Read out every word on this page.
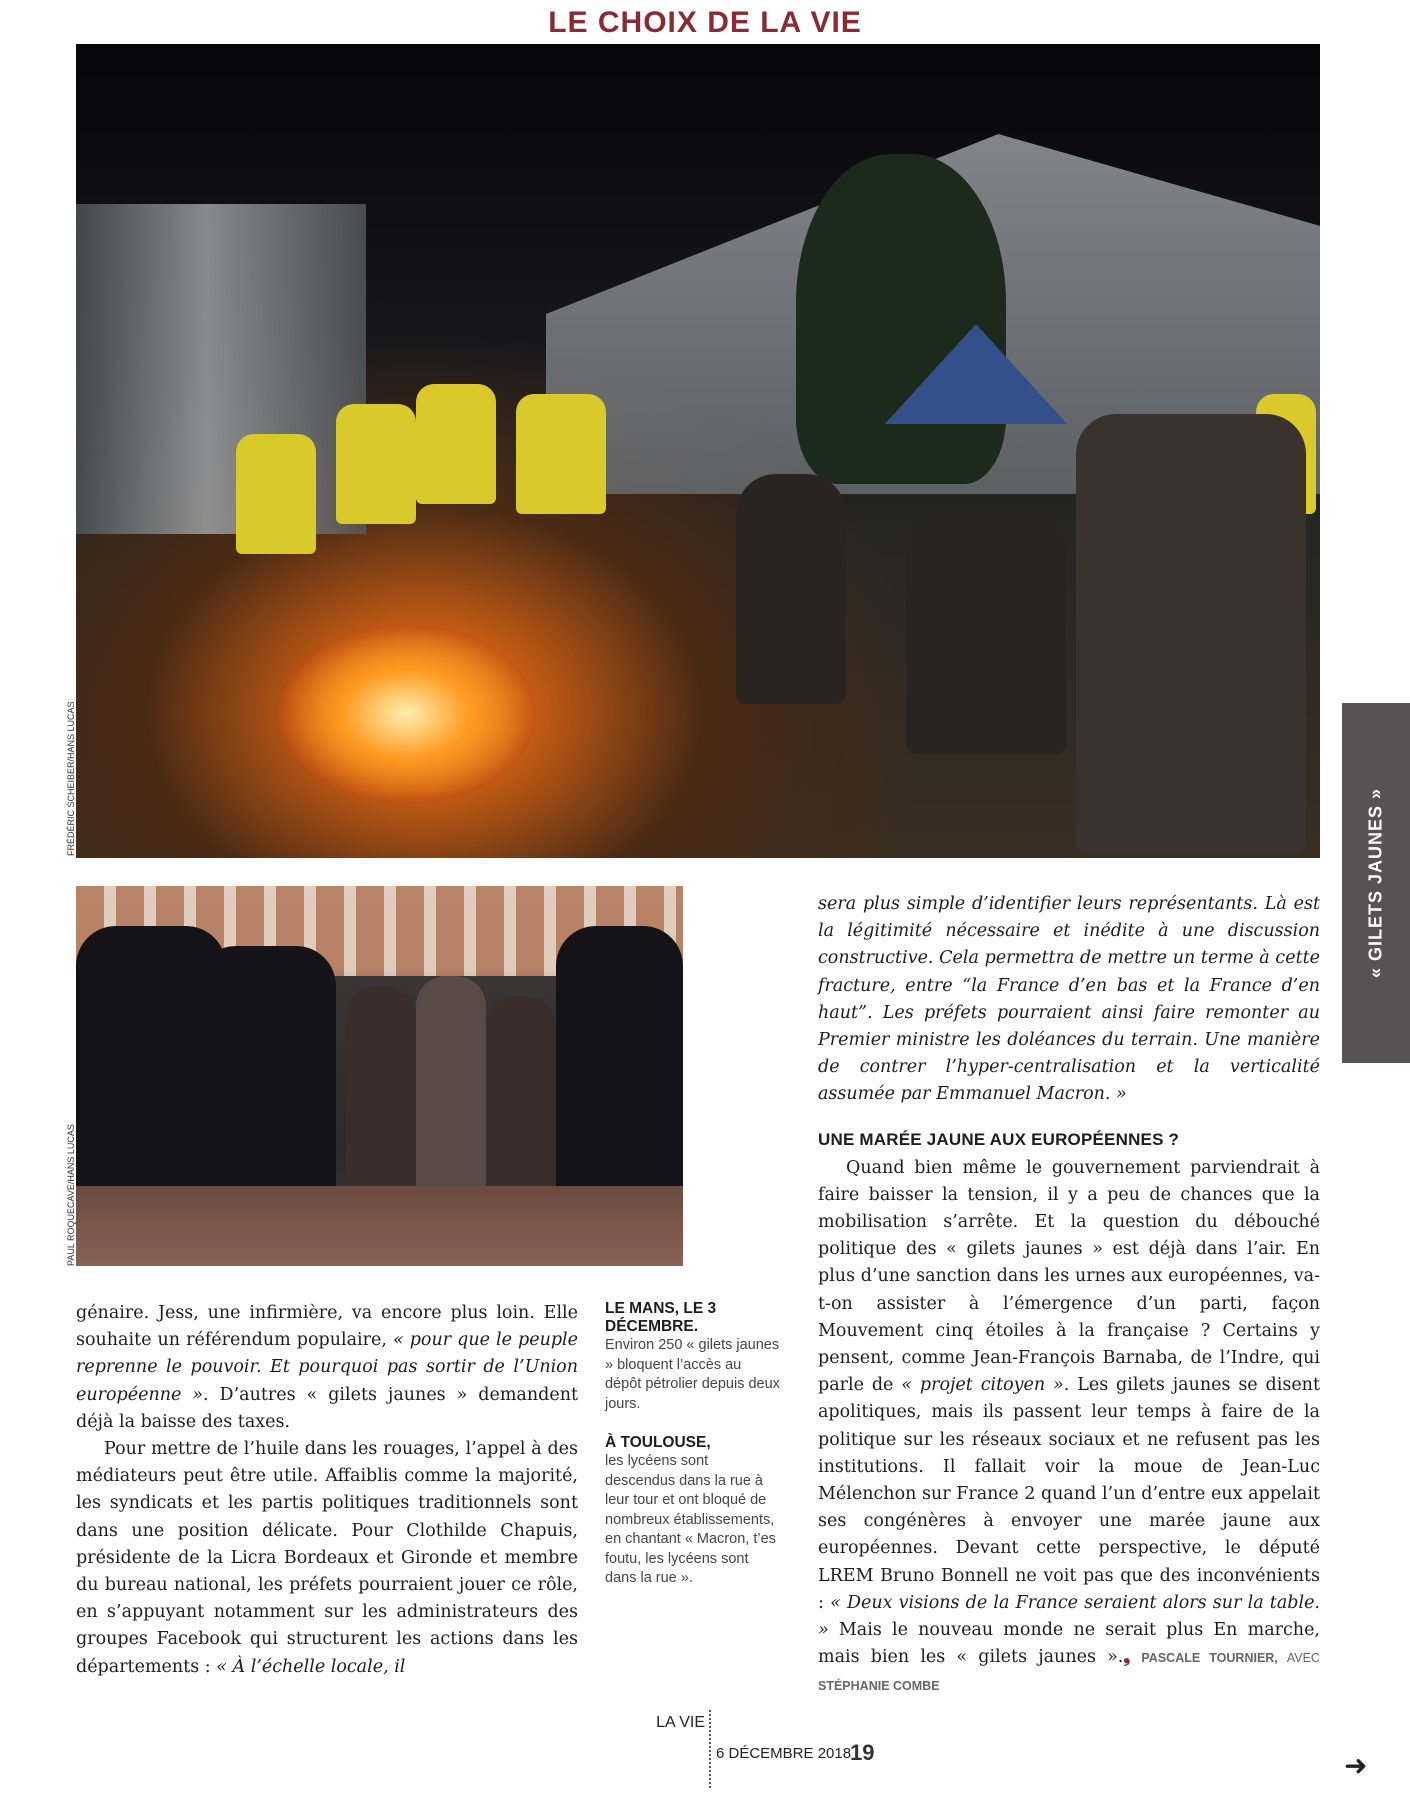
LE CHOIX DE LA VIE
FRÉDÉRIC SCHEIBER/HANS LUCAS
PAUL ROQUECAVE/HANS LUCAS
« GILETS JAUNES »

génaire. Jess, une infirmière, va encore plus loin. Elle souhaite un référendum populaire, « pour que le peuple reprenne le pouvoir. Et pourquoi pas sortir de l’Union européenne ». D’autres « gilets jaunes » demandent déjà la baisse des taxes.

Pour mettre de l’huile dans les rouages, l’appel à des médiateurs peut être utile. Affaiblis comme la majorité, les syndicats et les partis politiques traditionnels sont dans une position délicate. Pour Clothilde Chapuis, présidente de la Licra Bordeaux et Gironde et membre du bureau national, les préfets pourraient jouer ce rôle, en s’appuyant notamment sur les administrateurs des groupes Facebook qui structurent les actions dans les départements : « À l’échelle locale, il

LE MANS, LE 3 DÉCEMBRE.
Environ 250 « gilets jaunes » bloquent l’accès au dépôt pétrolier depuis deux jours.
À TOULOUSE,
les lycéens sont descendus dans la rue à leur tour et ont bloqué de nombreux établissements, en chantant « Macron, t’es foutu, les lycéens sont dans la rue ».

sera plus simple d’identifier leurs représentants. Là est la légitimité nécessaire et inédite à une discussion constructive. Cela permettra de mettre un terme à cette fracture, entre “la France d’en bas et la France d’en haut”. Les préfets pourraient ainsi faire remonter au Premier ministre les doléances du terrain. Une manière de contrer l’hyper-centralisation et la verticalité assumée par Emmanuel Macron. »

UNE MARÉE JAUNE AUX EUROPÉENNES ?

Quand bien même le gouvernement parviendrait à faire baisser la tension, il y a peu de chances que la mobilisation s’arrête. Et la question du débouché politique des « gilets jaunes » est déjà dans l’air. En plus d’une sanction dans les urnes aux européennes, va-t-on assister à l’émergence d’un parti, façon Mouvement cinq étoiles à la française ? Certains y pensent, comme Jean-François Barnaba, de l’Indre, qui parle de « projet citoyen ». Les gilets jaunes se disent apolitiques, mais ils passent leur temps à faire de la politique sur les réseaux sociaux et ne refusent pas les institutions. Il fallait voir la moue de Jean-Luc Mélenchon sur France 2 quand l’un d’entre eux appelait ses congénères à envoyer une marée jaune aux européennes. Devant cette perspective, le député LREM Bruno Bonnell ne voit pas que des inconvénients : « Deux visions de la France seraient alors sur la table. » Mais le nouveau monde ne serait plus En marche, mais bien les « gilets jaunes ».❟ PASCALE TOURNIER, AVEC STÉPHANIE COMBE

LA VIE
6 DÉCEMBRE 2018
19	➜
